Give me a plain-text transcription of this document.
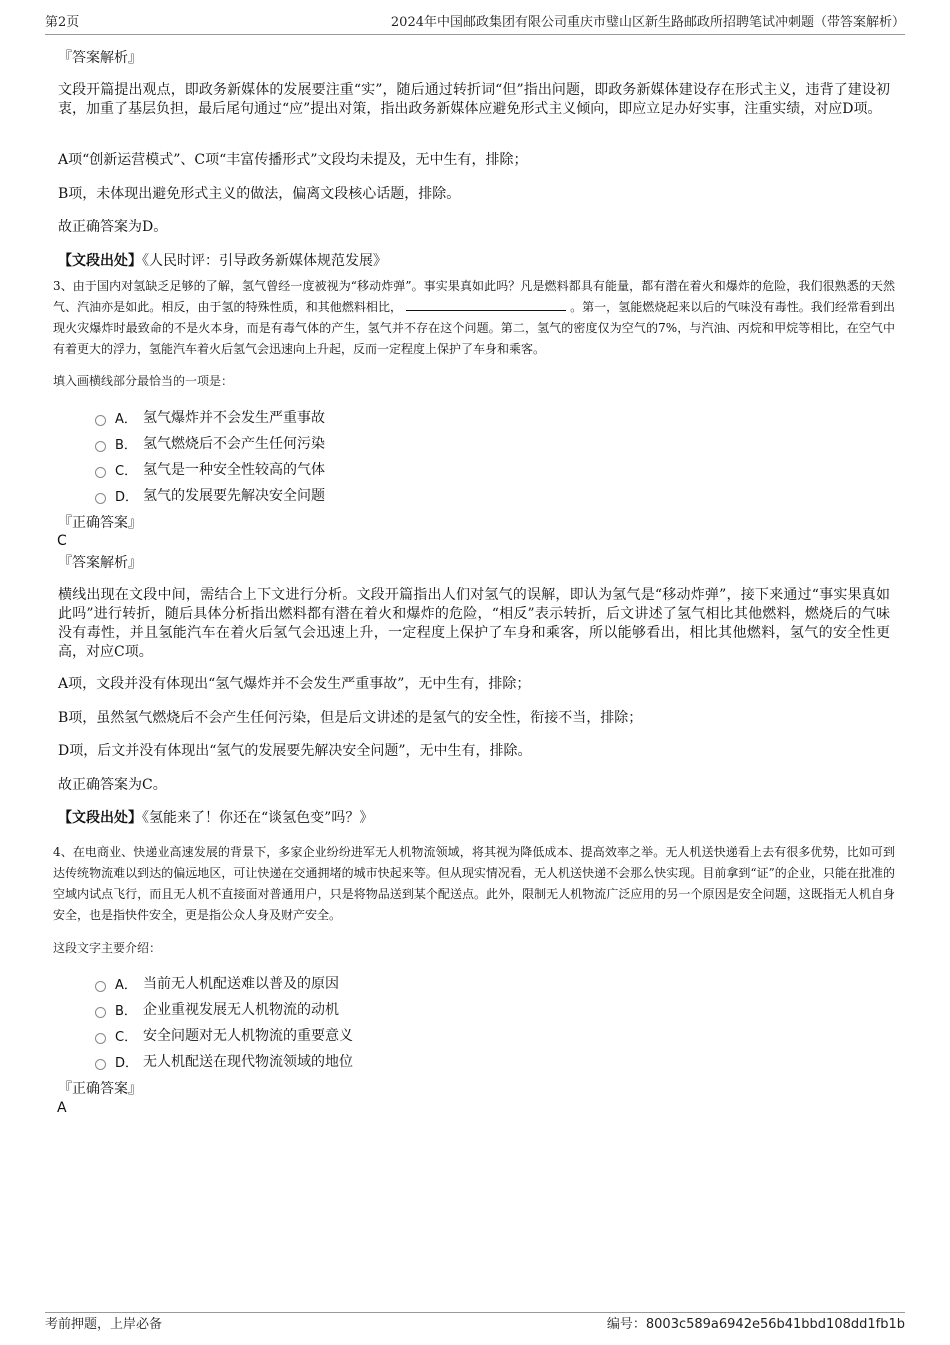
第2页	2024年中国邮政集团有限公司重庆市璧山区新生路邮政所招聘笔试冲刺题（带答案解析）
『答案解析』
文段开篇提出观点，即政务新媒体的发展要注重“实”，随后通过转折词“但”指出问题，即政务新媒体建设存在形式主义，违背了建设初衷，加重了基层负担，最后尾句通过“应”提出对策，指出政务新媒体应避免形式主义倾向，即应立足办好实事，注重实绩，对应D项。
A项“创新运营模式”、C项“丰富传播形式”文段均未提及，无中生有，排除；
B项，未体现出避免形式主义的做法，偏离文段核心话题，排除。
故正确答案为D。
【文段出处】《人民时评：引导政务新媒体规范发展》
3、由于国内对氢缺乏足够的了解，氢气曾经一度被视为“移动炸弹”。事实果真如此吗？凡是燃料都具有能量，都有潜在着火和爆炸的危险，我们很熟悉的天然气、汽油亦是如此。相反，由于氢的特殊性质，和其他燃料相比，	。第一，氢能燃烧起来以后的气味没有毒性。我们经常看到出现火灾爆炸时最致命的不是火本身，而是有毒气体的产生，氢气并不存在这个问题。第二，氢气的密度仅为空气的7%，与汽油、丙烷和甲烷等相比，在空气中有着更大的浮力，氢能汽车着火后氢气会迅速向上升起，反而一定程度上保护了车身和乘客。
填入画横线部分最恰当的一项是：
A． 氢气爆炸并不会发生严重事故
B． 氢气燃烧后不会产生任何污染
C． 氢气是一种安全性较高的气体
D． 氢气的发展要先解决安全问题
『正确答案』
C
『答案解析』
横线出现在文段中间，需结合上下文进行分析。文段开篇指出人们对氢气的误解，即认为氢气是“移动炸弹”，接下来通过“事实果真如此吗”进行转折，随后具体分析指出燃料都有潜在着火和爆炸的危险，“相反”表示转折，后文讲述了氢气相比其他燃料，燃烧后的气味没有毒性，并且氢能汽车在着火后氢气会迅速上升，一定程度上保护了车身和乘客，所以能够看出，相比其他燃料，氢气的安全性更高，对应C项。
A项，文段并没有体现出“氢气爆炸并不会发生严重事故”，无中生有，排除；
B项，虽然氢气燃烧后不会产生任何污染，但是后文讲述的是氢气的安全性，衔接不当，排除；
D项，后文并没有体现出“氢气的发展要先解决安全问题”，无中生有，排除。
故正确答案为C。
【文段出处】《氢能来了！你还在“谈氢色变”吗？》
4、在电商业、快递业高速发展的背景下，多家企业纷纷进军无人机物流领域，将其视为降低成本、提高效率之举。无人机送快递看上去有很多优势，比如可到达传统物流难以到达的偏远地区，可让快递在交通拥堵的城市快起来等。但从现实情况看，无人机送快递不会那么快实现。目前拿到“证”的企业，只能在批准的空域内试点飞行，而且无人机不直接面对普通用户，只是将物品送到某个配送点。此外，限制无人机物流广泛应用的另一个原因是安全问题，这既指无人机自身安全，也是指快件安全，更是指公众人身及财产安全。
这段文字主要介绍：
A． 当前无人机配送难以普及的原因
B． 企业重视发展无人机物流的动机
C． 安全问题对无人机物流的重要意义
D． 无人机配送在现代物流领域的地位
『正确答案』
A
考前押题，上岸必备	编号：8003c589a6942e56b41bbd108dd1fb1b
